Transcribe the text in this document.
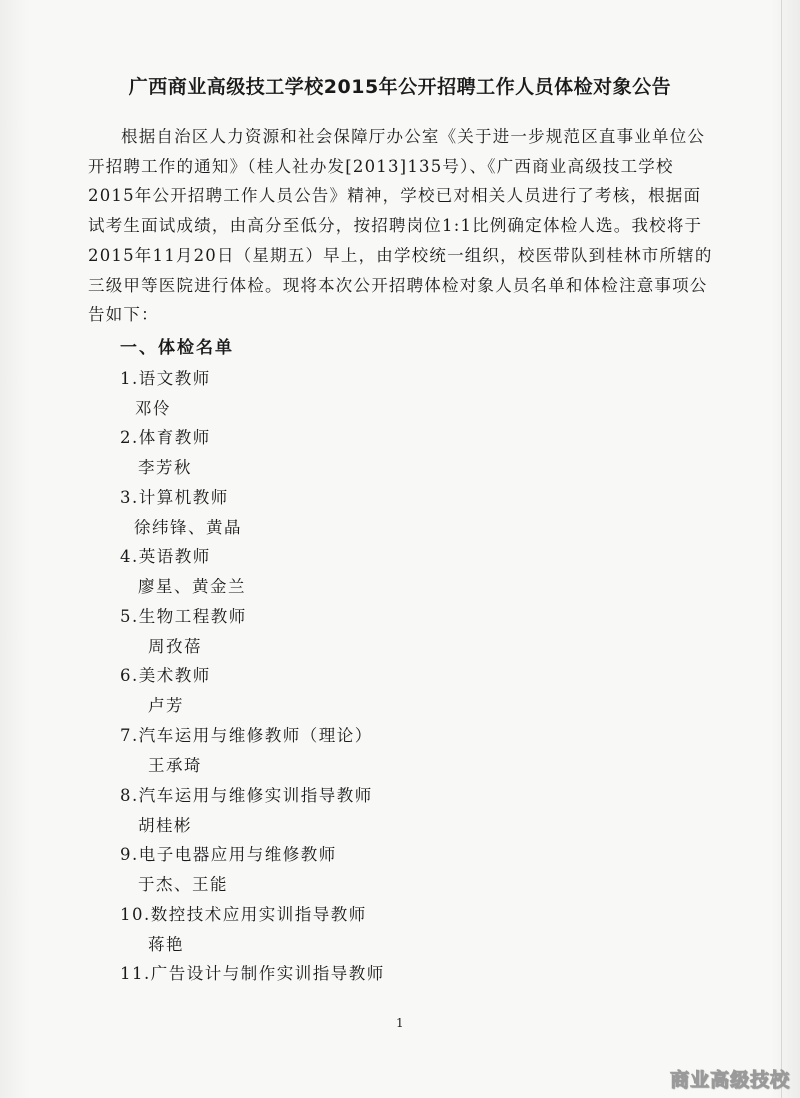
广西商业高级技工学校2015年公开招聘工作人员体检对象公告
根据自治区人力资源和社会保障厅办公室《关于进一步规范区直事业单位公开招聘工作的通知》（桂人社办发[2013]135号）、《广西商业高级技工学校2015年公开招聘工作人员公告》精神，学校已对相关人员进行了考核，根据面试考生面试成绩，由高分至低分，按招聘岗位1:1比例确定体检人选。我校将于2015年11月20日（星期五）早上，由学校统一组织，校医带队到桂林市所辖的三级甲等医院进行体检。现将本次公开招聘体检对象人员名单和体检注意事项公告如下：
一、体检名单
1.语文教师
邓伶
2.体育教师
李芳秋
3.计算机教师
徐纬锋、黄晶
4.英语教师
廖星、黄金兰
5.生物工程教师
周孜蓓
6.美术教师
卢芳
7.汽车运用与维修教师（理论）
王承琦
8.汽车运用与维修实训指导教师
胡桂彬
9.电子电器应用与维修教师
于杰、王能
10.数控技术应用实训指导教师
蒋艳
11.广告设计与制作实训指导教师
1
商业高级技校
